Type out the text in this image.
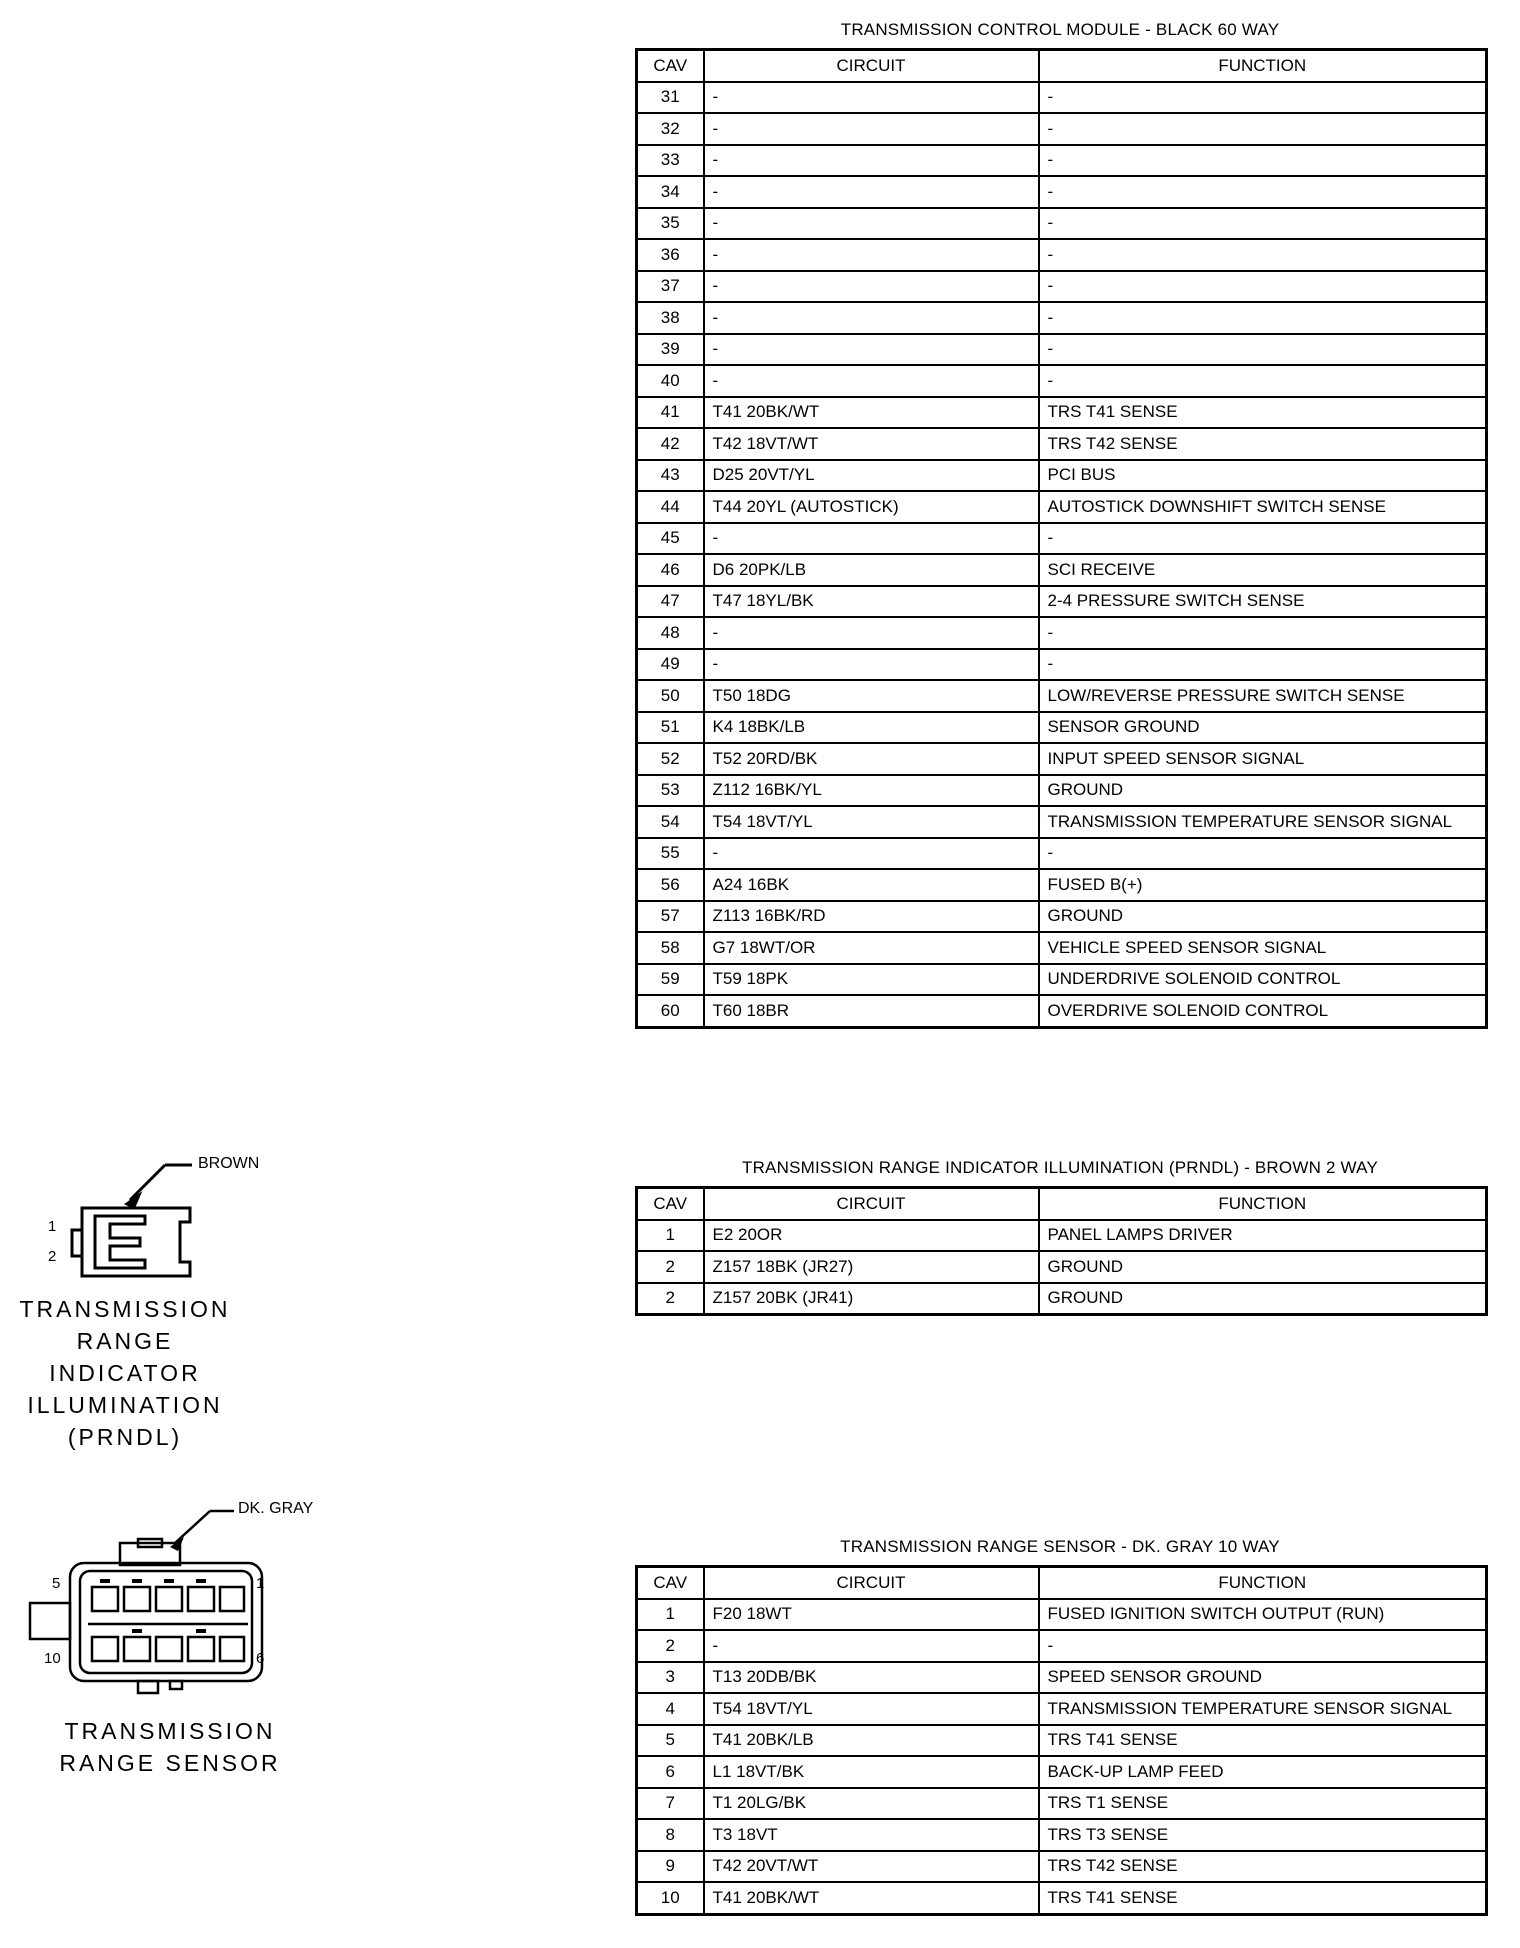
TRANSMISSION CONTROL MODULE - BLACK 60 WAY
CAV	CIRCUIT	FUNCTION
31	-	-
32	-	-
33	-	-
34	-	-
35	-	-
36	-	-
37	-	-
38	-	-
39	-	-
40	-	-
41	T41 20BK/WT	TRS T41 SENSE
42	T42 18VT/WT	TRS T42 SENSE
43	D25 20VT/YL	PCI BUS
44	T44 20YL (AUTOSTICK)	AUTOSTICK DOWNSHIFT SWITCH SENSE
45	-	-
46	D6 20PK/LB	SCI RECEIVE
47	T47 18YL/BK	2-4 PRESSURE SWITCH SENSE
48	-	-
49	-	-
50	T50 18DG	LOW/REVERSE PRESSURE SWITCH SENSE
51	K4 18BK/LB	SENSOR GROUND
52	T52 20RD/BK	INPUT SPEED SENSOR SIGNAL
53	Z112 16BK/YL	GROUND
54	T54 18VT/YL	TRANSMISSION TEMPERATURE SENSOR SIGNAL
55	-	-
56	A24 16BK	FUSED B(+)
57	Z113 16BK/RD	GROUND
58	G7 18WT/OR	VEHICLE SPEED SENSOR SIGNAL
59	T59 18PK	UNDERDRIVE SOLENOID CONTROL
60	T60 18BR	OVERDRIVE SOLENOID CONTROL
TRANSMISSION RANGE INDICATOR ILLUMINATION (PRNDL) - BROWN 2 WAY
CAV	CIRCUIT	FUNCTION
1	E2 20OR	PANEL LAMPS DRIVER
2	Z157 18BK (JR27)	GROUND
2	Z157 20BK (JR41)	GROUND
TRANSMISSION RANGE SENSOR - DK. GRAY 10 WAY
CAV	CIRCUIT	FUNCTION
1	F20 18WT	FUSED IGNITION SWITCH OUTPUT (RUN)
2	-	-
3	T13 20DB/BK	SPEED SENSOR GROUND
4	T54 18VT/YL	TRANSMISSION TEMPERATURE SENSOR SIGNAL
5	T41 20BK/LB	TRS T41 SENSE
6	L1 18VT/BK	BACK-UP LAMP FEED
7	T1 20LG/BK	TRS T1 SENSE
8	T3 18VT	TRS T3 SENSE
9	T42 20VT/WT	TRS T42 SENSE
10	T41 20BK/WT	TRS T41 SENSE
BROWN
1
2
TRANSMISSION
RANGE
INDICATOR
ILLUMINATION
(PRNDL)
DK. GRAY
5	1
10	6
TRANSMISSION
RANGE SENSOR
